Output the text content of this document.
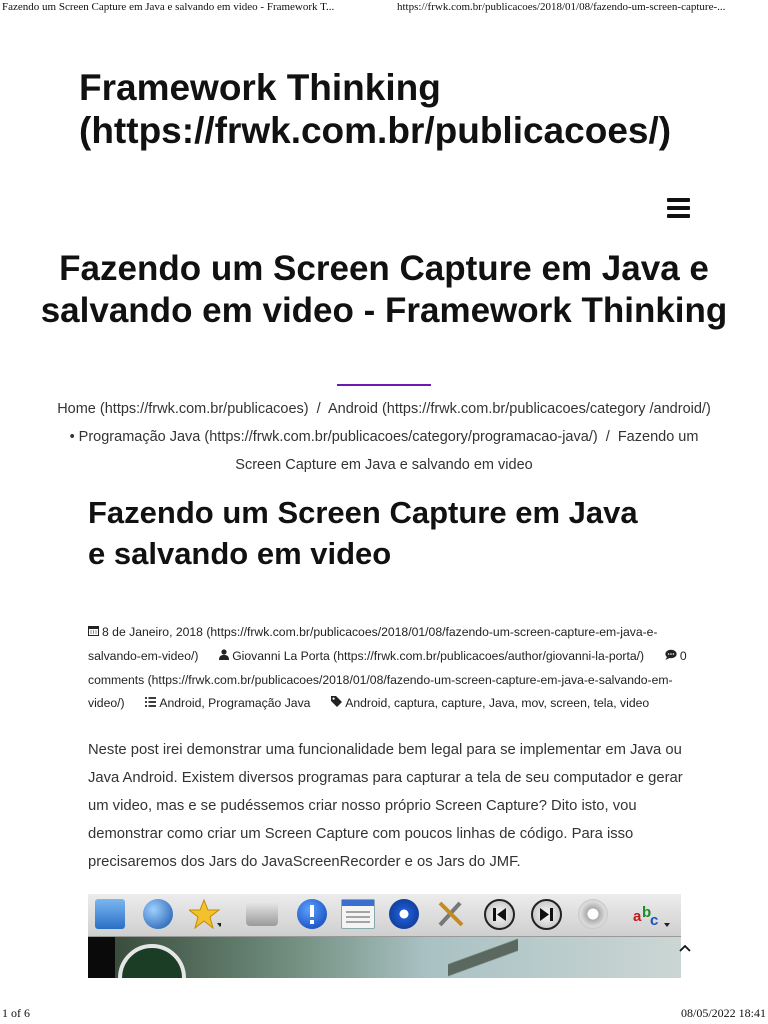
Fazendo um Screen Capture em Java e salvando em video - Framework T...	https://frwk.com.br/publicacoes/2018/01/08/fazendo-um-screen-capture-...
Framework Thinking (https://frwk.com.br/publicacoes/)
Fazendo um Screen Capture em Java e salvando em video - Framework Thinking
Home (https://frwk.com.br/publicacoes) / Android (https://frwk.com.br/publicacoes/category /android/) • Programação Java (https://frwk.com.br/publicacoes/category/programacao-java/) / Fazendo um Screen Capture em Java e salvando em video
Fazendo um Screen Capture em Java e salvando em video
8 de Janeiro, 2018 (https://frwk.com.br/publicacoes/2018/01/08/fazendo-um-screen-capture-em-java-e-salvando-em-video/)	Giovanni La Porta (https://frwk.com.br/publicacoes/author/giovanni-la-porta/)	0 comments (https://frwk.com.br/publicacoes/2018/01/08/fazendo-um-screen-capture-em-java-e-salvando-em-video/)	Android, Programação Java	Android, captura, capture, Java, mov, screen, tela, video

Neste post irei demonstrar uma funcionalidade bem legal para se implementar em Java ou Java Android. Existem diversos programas para capturar a tela de seu computador e gerar um video, mas e se pudéssemos criar nosso próprio Screen Capture? Dito isto, vou demonstrar como criar um Screen Capture com poucos linhas de código. Para isso precisaremos dos Jars do JavaScreenRecorder e os Jars do JMF.

a b
c
1 of 6	08/05/2022 18:41
